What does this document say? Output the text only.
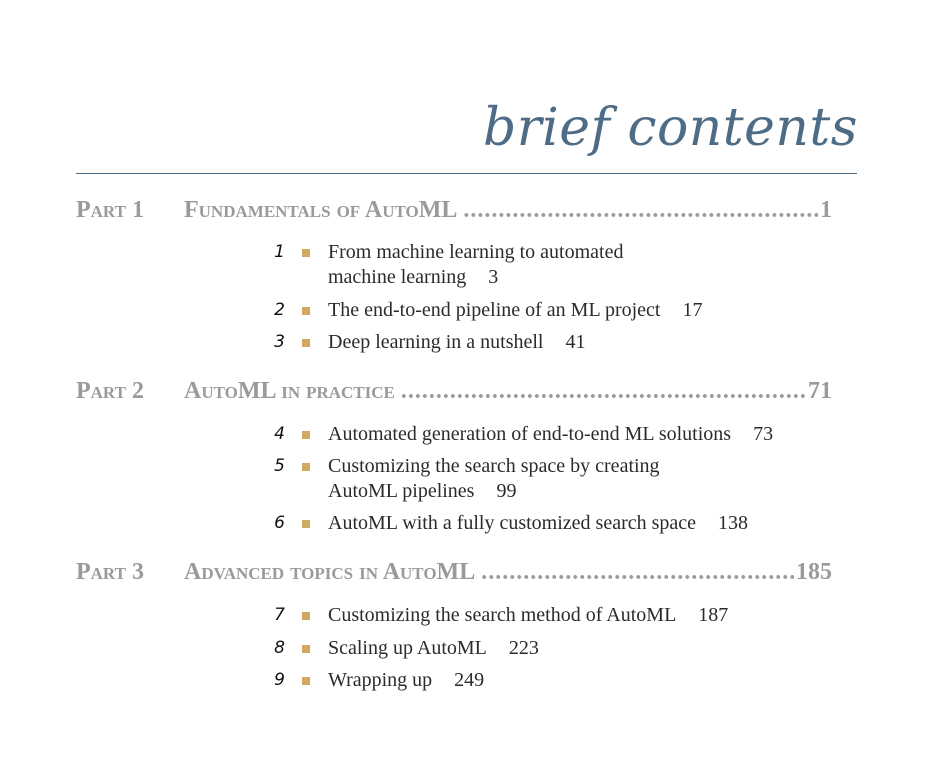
brief contents
Part 1	Fundamentals of AutoML .....	1
1 From machine learning to automated
machine learning 3
2 The end-to-end pipeline of an ML project 17
3 Deep learning in a nutshell 41
Part 2	AutoML in practice .....	71
4 Automated generation of end-to-end ML solutions 73
5 Customizing the search space by creating
AutoML pipelines 99
6 AutoML with a fully customized search space 138
Part 3	Advanced topics in AutoML .....	185
7 Customizing the search method of AutoML 187
8 Scaling up AutoML 223
9 Wrapping up 249
